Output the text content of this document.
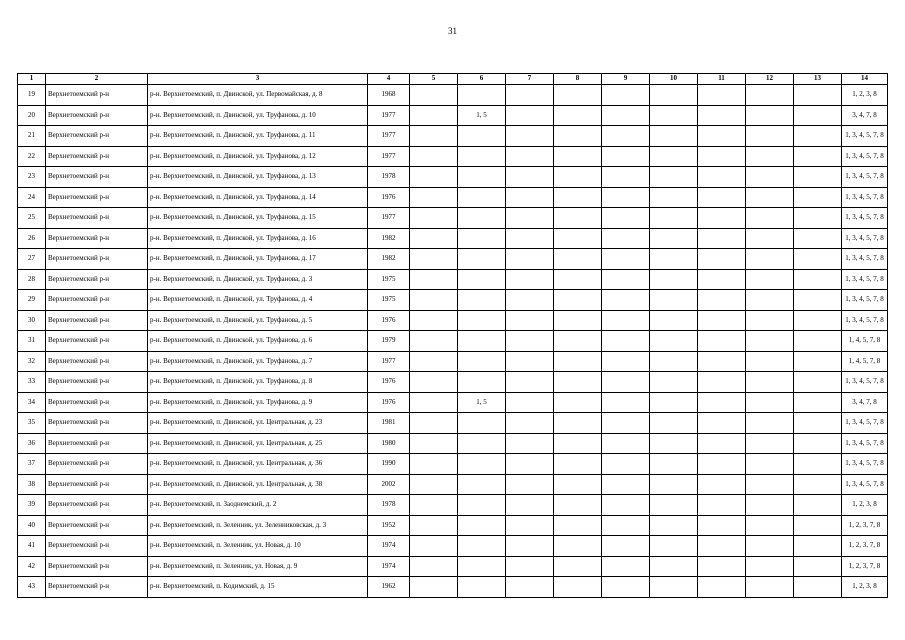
31
1	2	3	4	5	6	7	8	9	10	11	12	13	14
19	Верхнетоемский р-н	р-н. Верхнетоемский, п. Двинской, ул. Первомайская, д. 8	1968										1, 2, 3, 8
20	Верхнетоемский р-н	р-н. Верхнетоемский, п. Двинской, ул. Труфанова, д. 10	1977		1, 5								3, 4, 7, 8
21	Верхнетоемский р-н	р-н. Верхнетоемский, п. Двинской, ул. Труфанова, д. 11	1977										1, 3, 4, 5, 7, 8
22	Верхнетоемский р-н	р-н. Верхнетоемский, п. Двинской, ул. Труфанова, д. 12	1977										1, 3, 4, 5, 7, 8
23	Верхнетоемский р-н	р-н. Верхнетоемский, п. Двинской, ул. Труфанова, д. 13	1978										1, 3, 4, 5, 7, 8
24	Верхнетоемский р-н	р-н. Верхнетоемский, п. Двинской, ул. Труфанова, д. 14	1976										1, 3, 4, 5, 7, 8
25	Верхнетоемский р-н	р-н. Верхнетоемский, п. Двинской, ул. Труфанова, д. 15	1977										1, 3, 4, 5, 7, 8
26	Верхнетоемский р-н	р-н. Верхнетоемский, п. Двинской, ул. Труфанова, д. 16	1982										1, 3, 4, 5, 7, 8
27	Верхнетоемский р-н	р-н. Верхнетоемский, п. Двинской, ул. Труфанова, д. 17	1982										1, 3, 4, 5, 7, 8
28	Верхнетоемский р-н	р-н. Верхнетоемский, п. Двинской, ул. Труфанова, д. 3	1975										1, 3, 4, 5, 7, 8
29	Верхнетоемский р-н	р-н. Верхнетоемский, п. Двинской, ул. Труфанова, д. 4	1975										1, 3, 4, 5, 7, 8
30	Верхнетоемский р-н	р-н. Верхнетоемский, п. Двинской, ул. Труфанова, д. 5	1976										1, 3, 4, 5, 7, 8
31	Верхнетоемский р-н	р-н. Верхнетоемский, п. Двинской, ул. Труфанова, д. 6	1979										1, 4, 5, 7, 8
32	Верхнетоемский р-н	р-н. Верхнетоемский, п. Двинской, ул. Труфанова, д. 7	1977										1, 4, 5, 7, 8
33	Верхнетоемский р-н	р-н. Верхнетоемский, п. Двинской, ул. Труфанова, д. 8	1976										1, 3, 4, 5, 7, 8
34	Верхнетоемский р-н	р-н. Верхнетоемский, п. Двинской, ул. Труфанова, д. 9	1976		1, 5								3, 4, 7, 8
35	Верхнетоемский р-н	р-н. Верхнетоемский, п. Двинской, ул. Центральная, д. 23	1981										1, 3, 4, 5, 7, 8
36	Верхнетоемский р-н	р-н. Верхнетоемский, п. Двинской, ул. Центральная, д. 25	1980										1, 3, 4, 5, 7, 8
37	Верхнетоемский р-н	р-н. Верхнетоемский, п. Двинской, ул. Центральная, д. 36	1990										1, 3, 4, 5, 7, 8
38	Верхнетоемский р-н	р-н. Верхнетоемский, п. Двинской, ул. Центральная, д. 38	2002										1, 3, 4, 5, 7, 8
39	Верхнетоемский р-н	р-н. Верхнетоемский, п. Заоднемский, д. 2	1978										1, 2, 3, 8
40	Верхнетоемский р-н	р-н. Верхнетоемский, п. Зеленник, ул. Зеленниковская, д. 3	1952										1, 2, 3, 7, 8
41	Верхнетоемский р-н	р-н. Верхнетоемский, п. Зеленник, ул. Новая, д. 10	1974										1, 2, 3, 7, 8
42	Верхнетоемский р-н	р-н. Верхнетоемский, п. Зеленник, ул. Новая, д. 9	1974										1, 2, 3, 7, 8
43	Верхнетоемский р-н	р-н. Верхнетоемский, п. Кодимский, д. 15	1962										1, 2, 3, 8
